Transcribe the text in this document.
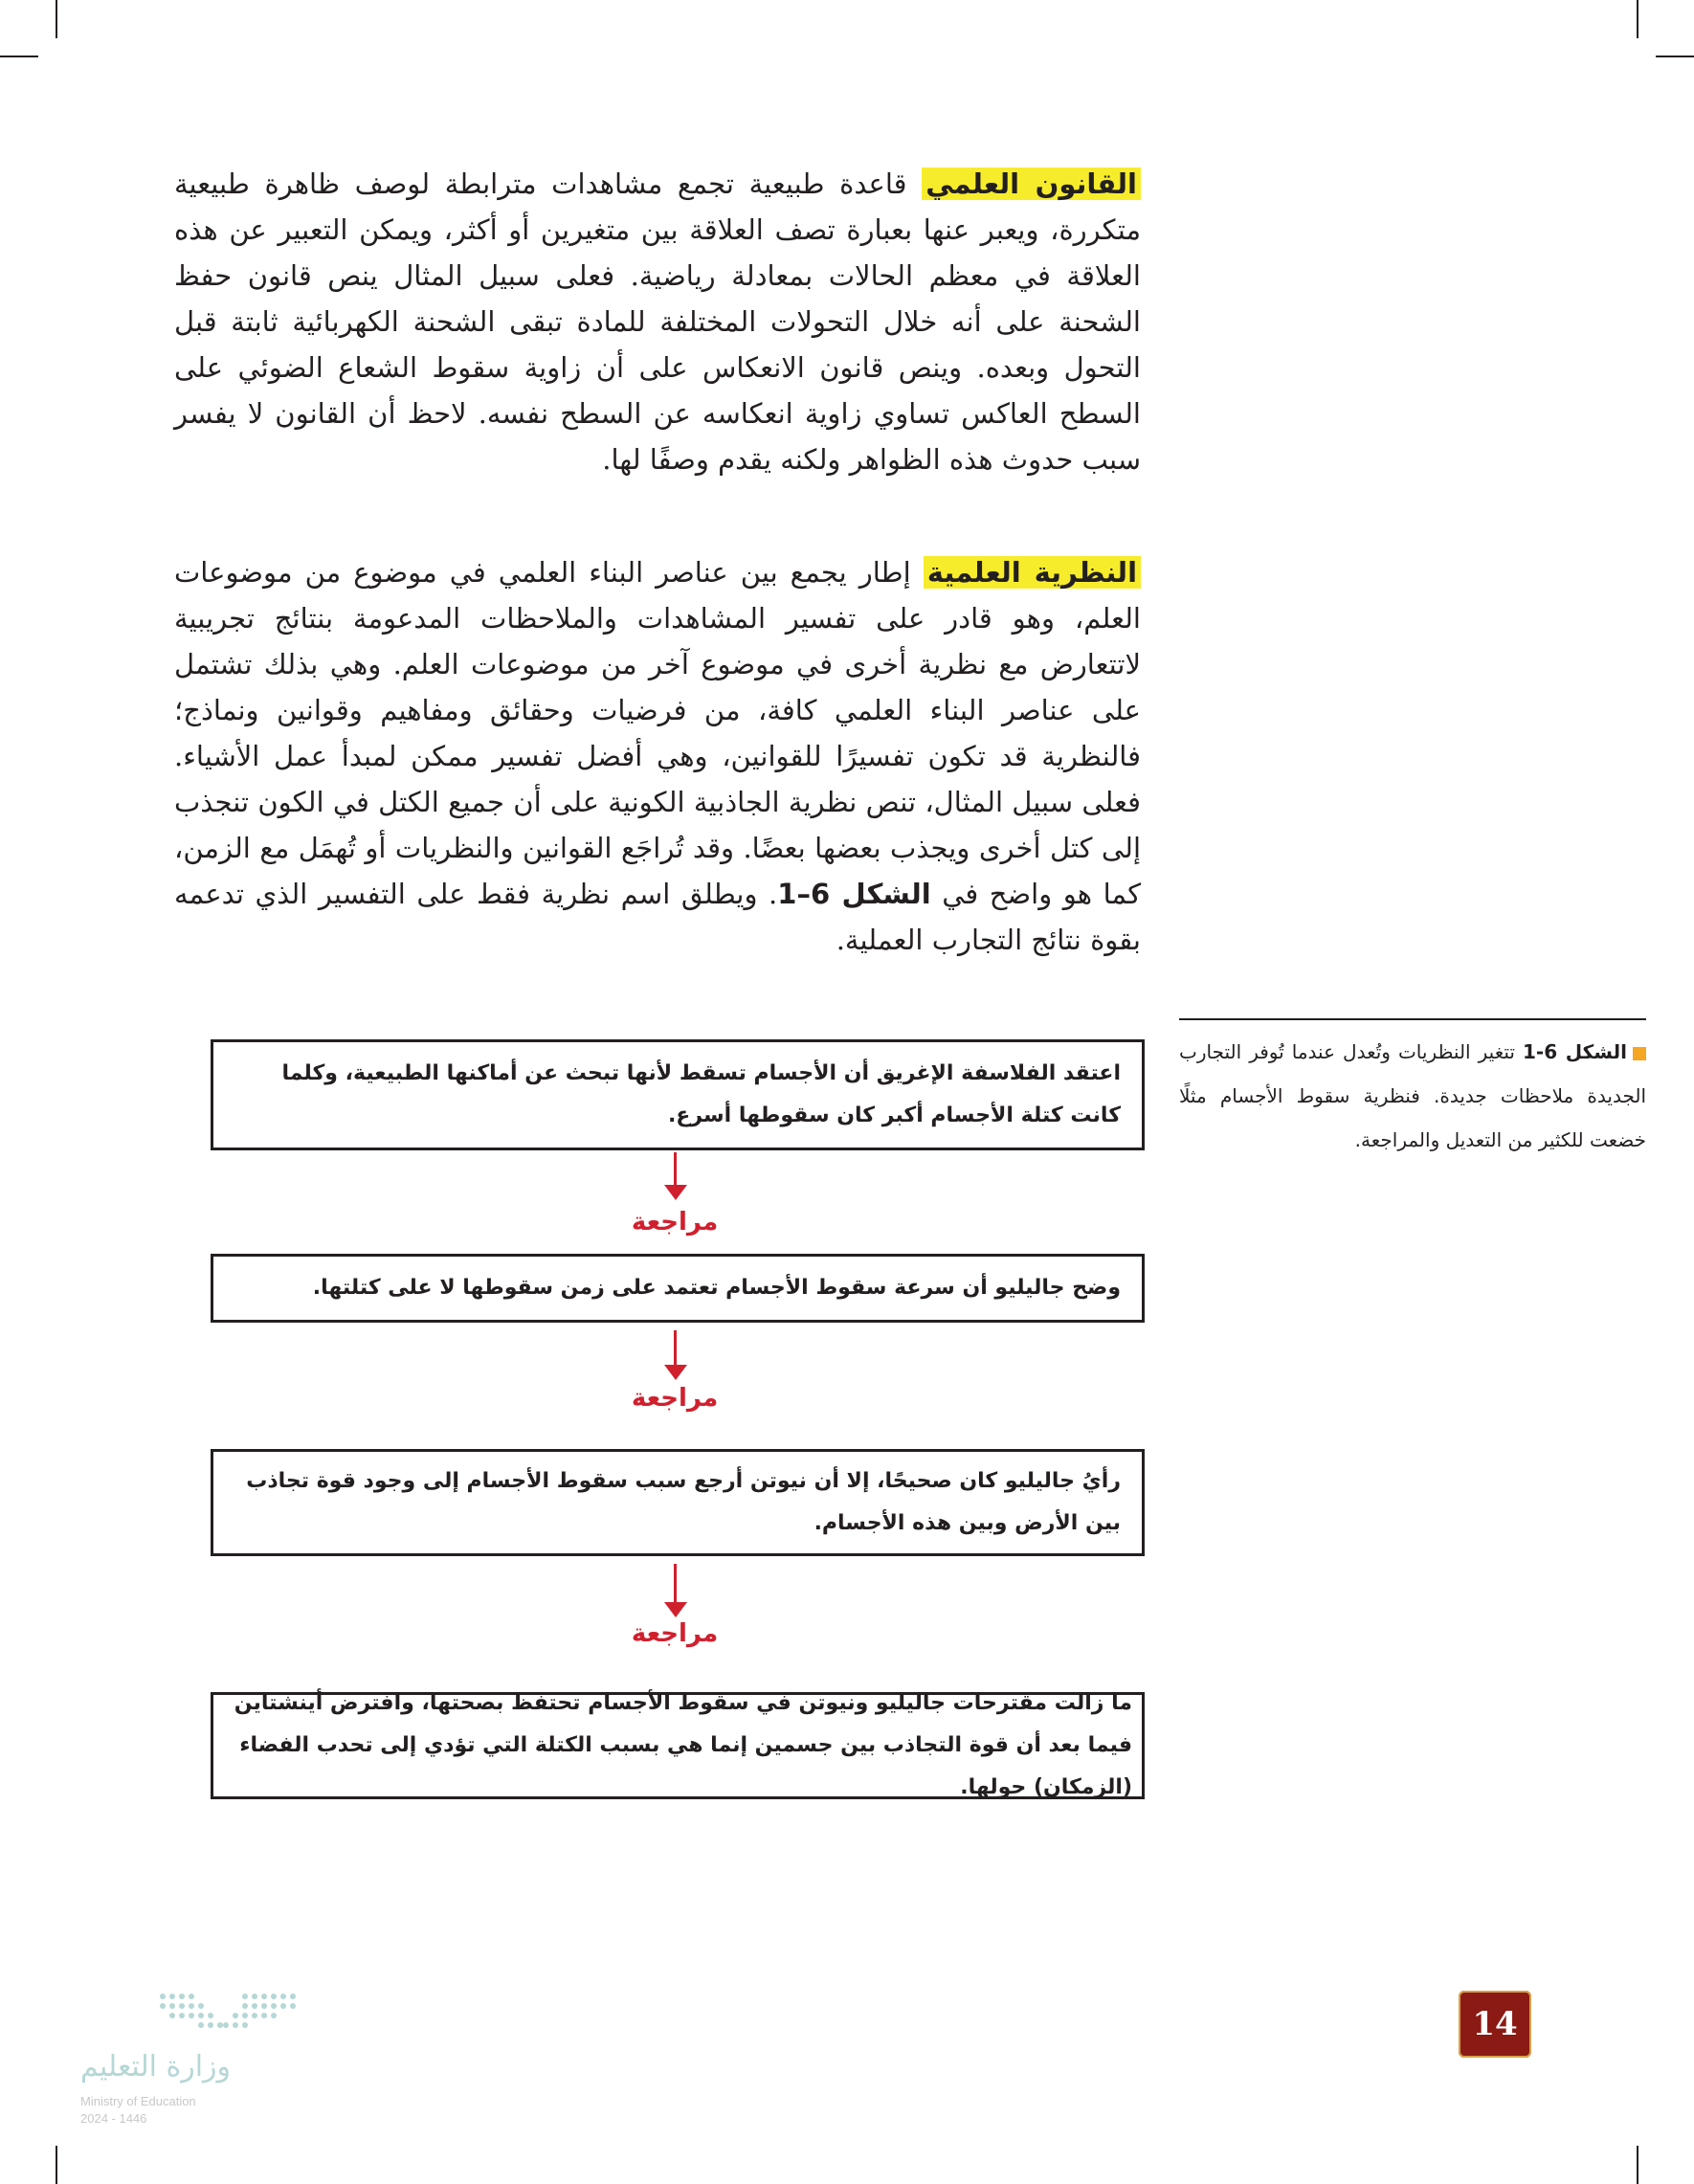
القانون العلمي قاعدة طبيعية تجمع مشاهدات مترابطة لوصف ظاهرة طبيعية متكررة، ويعبر عنها بعبارة تصف العلاقة بين متغيرين أو أكثر، ويمكن التعبير عن هذه العلاقة في معظم الحالات بمعادلة رياضية. فعلى سبيل المثال ينص قانون حفظ الشحنة على أنه خلال التحولات المختلفة للمادة تبقى الشحنة الكهربائية ثابتة قبل التحول وبعده. وينص قانون الانعكاس على أن زاوية سقوط الشعاع الضوئي على السطح العاكس تساوي زاوية انعكاسه عن السطح نفسه. لاحظ أن القانون لا يفسر سبب حدوث هذه الظواهر ولكنه يقدم وصفًا لها.

النظرية العلمية إطار يجمع بين عناصر البناء العلمي في موضوع من موضوعات العلم، وهو قادر على تفسير المشاهدات والملاحظات المدعومة بنتائج تجريبية لاتتعارض مع نظرية أخرى في موضوع آخر من موضوعات العلم. وهي بذلك تشتمل على عناصر البناء العلمي كافة، من فرضيات وحقائق ومفاهيم وقوانين ونماذج؛ فالنظرية قد تكون تفسيرًا للقوانين، وهي أفضل تفسير ممكن لمبدأ عمل الأشياء. فعلى سبيل المثال، تنص نظرية الجاذبية الكونية على أن جميع الكتل في الكون تنجذب إلى كتل أخرى ويجذب بعضها بعضًا. وقد تُراجَع القوانين والنظريات أو تُهمَل مع الزمن، كما هو واضح في الشكل 6–1. ويطلق اسم نظرية فقط على التفسير الذي تدعمه بقوة نتائج التجارب العملية.

الشكل 6-1 تتغير النظريات وتُعدل عندما تُوفر التجارب الجديدة ملاحظات جديدة. فنظرية سقوط الأجسام مثلًا خضعت للكثير من التعديل والمراجعة.
اعتقد الفلاسفة الإغريق أن الأجسام تسقط لأنها تبحث عن أماكنها الطبيعية، وكلما كانت كتلة الأجسام أكبر كان سقوطها أسرع.
مراجعة
وضح جاليليو أن سرعة سقوط الأجسام تعتمد على زمن سقوطها لا على كتلتها.
مراجعة
رأيُ جاليليو كان صحيحًا، إلا أن نيوتن أرجع سبب سقوط الأجسام إلى وجود قوة تجاذب بين الأرض وبين هذه الأجسام.
مراجعة
ما زالت مقترحات جاليليو ونيوتن في سقوط الأجسام تحتفظ بصحتها، وافترض أينشتاين فيما بعد أن قوة التجاذب بين جسمين إنما هي بسبب الكتلة التي تؤدي إلى تحدب الفضاء (الزمكان) حولها.
وزارة التعليم
Ministry of Education
2024 - 1446
14
